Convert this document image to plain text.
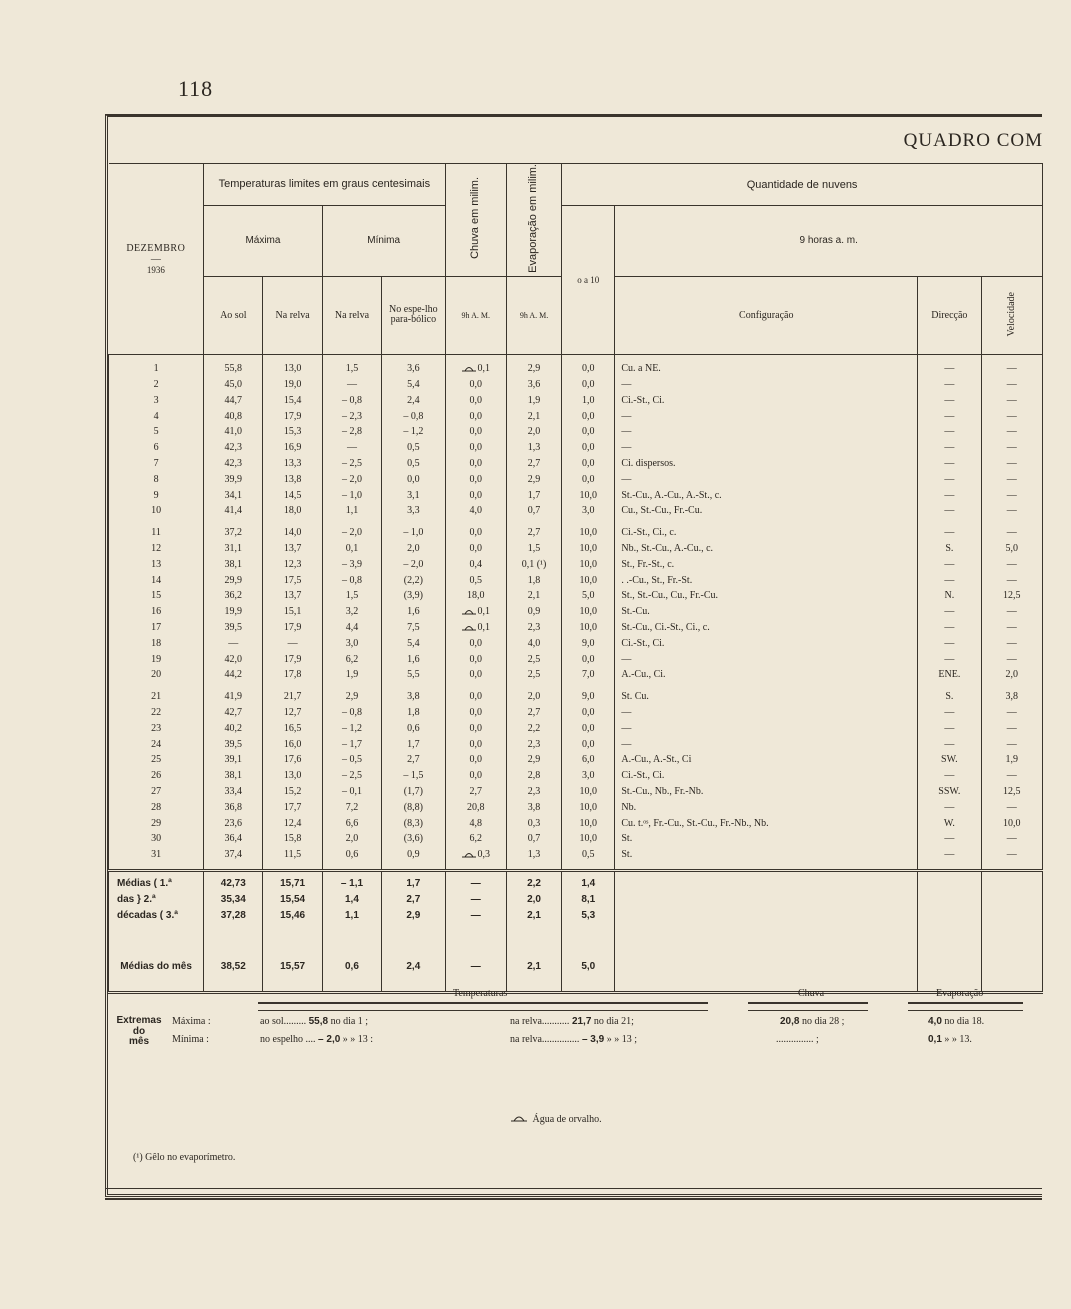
118
QUADRO COM
DEZEMBRO
—
1936	Temperaturas limites em graus centesimais				Chuva em milim.	Evaporação em milim.	Quantidade de nuvens			
	Máxima		Mínima				o a 10	9 horas a. m.		
	Ao sol	Na relva	Na relva	No espe-lho para-bólico	9h A. M.	9h A. M.		Configuração	Direcção	Velocidade

1	55,8	13,0	1,5	3,6	0,1	2,9	0,0	Cu. a NE.	—	—
2	45,0	19,0	—	5,4	0,0	3,6	0,0	—	—	—
3	44,7	15,4	– 0,8	2,4	0,0	1,9	1,0	Ci.-St., Ci.	—	—
4	40,8	17,9	– 2,3	– 0,8	0,0	2,1	0,0	—	—	—
5	41,0	15,3	– 2,8	– 1,2	0,0	2,0	0,0	—	—	—
6	42,3	16,9	—	0,5	0,0	1,3	0,0	—	—	—
7	42,3	13,3	– 2,5	0,5	0,0	2,7	0,0	Ci. dispersos.	—	—
8	39,9	13,8	– 2,0	0,0	0,0	2,9	0,0	—	—	—
9	34,1	14,5	– 1,0	3,1	0,0	1,7	10,0	St.-Cu., A.-Cu., A.-St., c.	—	—
10	41,4	18,0	1,1	3,3	4,0	0,7	3,0	Cu., St.-Cu., Fr.-Cu.	—	—

11	37,2	14,0	– 2,0	– 1,0	0,0	2,7	10,0	Ci.-St., Ci., c.	—	—
12	31,1	13,7	0,1	2,0	0,0	1,5	10,0	Nb., St.-Cu., A.-Cu., c.	S.	5,0
13	38,1	12,3	– 3,9	– 2,0	0,4	0,1 (¹)	10,0	St., Fr.-St., c.	—	—
14	29,9	17,5	– 0,8	(2,2)	0,5	1,8	10,0	. .-Cu., St., Fr.-St.	—	—
15	36,2	13,7	1,5	(3,9)	18,0	2,1	5,0	St., St.-Cu., Cu., Fr.-Cu.	N.	12,5
16	19,9	15,1	3,2	1,6	0,1	0,9	10,0	St.-Cu.	—	—
17	39,5	17,9	4,4	7,5	0,1	2,3	10,0	St.-Cu., Ci.-St., Ci., c.	—	—
18	—	—	3,0	5,4	0,0	4,0	9,0	Ci.-St., Ci.	—	—
19	42,0	17,9	6,2	1,6	0,0	2,5	0,0	—	—	—
20	44,2	17,8	1,9	5,5	0,0	2,5	7,0	A.-Cu., Ci.	ENE.	2,0

21	41,9	21,7	2,9	3,8	0,0	2,0	9,0	St. Cu.	S.	3,8
22	42,7	12,7	– 0,8	1,8	0,0	2,7	0,0	—	—	—
23	40,2	16,5	– 1,2	0,6	0,0	2,2	0,0	—	—	—
24	39,5	16,0	– 1,7	1,7	0,0	2,3	0,0	—	—	—
25	39,1	17,6	– 0,5	2,7	0,0	2,9	6,0	A.-Cu., A.-St., Ci	SW.	1,9
26	38,1	13,0	– 2,5	– 1,5	0,0	2,8	3,0	Ci.-St., Ci.	—	—
27	33,4	15,2	– 0,1	(1,7)	2,7	2,3	10,0	St.-Cu., Nb., Fr.-Nb.	SSW.	12,5
28	36,8	17,7	7,2	(8,8)	20,8	3,8	10,0	Nb.	—	—
29	23,6	12,4	6,6	(8,3)	4,8	0,3	10,0	Cu. t.ᵒˢ, Fr.-Cu., St.-Cu., Fr.-Nb., Nb.	W.	10,0
30	36,4	15,8	2,0	(3,6)	6,2	0,7	10,0	St.	—	—
31	37,4	11,5	0,6	0,9	0,3	1,3	0,5	St.	—	—

Médias ( 1.ª	42,73	15,71	– 1,1	1,7	—	2,2	1,4			
das } 2.ª	35,34	15,54	1,4	2,7	—	2,0	8,1			
décadas ( 3.ª	37,28	15,46	1,1	2,9	—	2,1	5,3			

Médias do mês	38,52	15,57	0,6	2,4	—	2,1	5,0			

Temperaturas	Chuva	Evaporação
Extremas
do
mês
Máxima :
Mínima :
ao sol......... 55,8 no dia 1 ;	na relva........... 21,7 no dia 21;	20,8 no dia 28 ;	4,0 no dia 18.
no espelho .... – 2,0 » » 13 :	na relva............... – 3,9 » » 13 ;	............... ;	0,1 » » 13.
Água de orvalho.
(¹) Gêlo no evaporímetro.
